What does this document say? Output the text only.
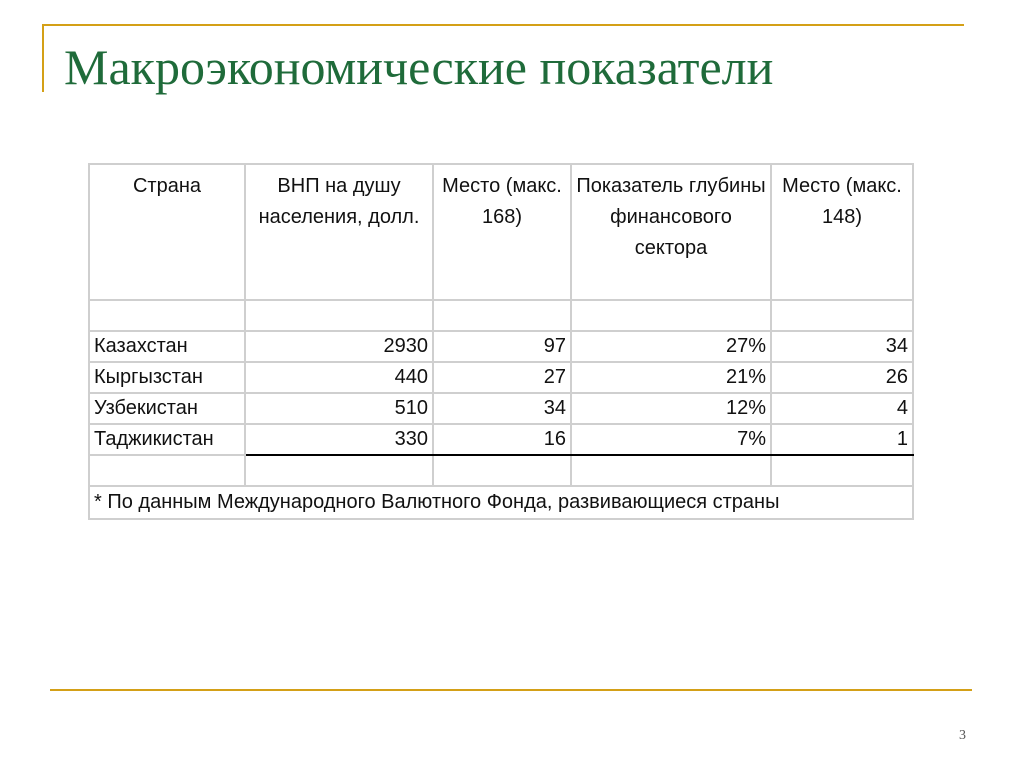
Макроэкономические показатели
Страна	ВНП на душу населения, долл.	Место (макс. 168)	Показатель глубины финансового сектора	Место (макс. 148)

Казахстан	2930	97	27%	34
Кыргызстан	440	27	21%	26
Узбекистан	510	34	12%	4
Таджикистан	330	16	7%	1

* По данным Международного Валютного Фонда, развивающиеся страны				
3
